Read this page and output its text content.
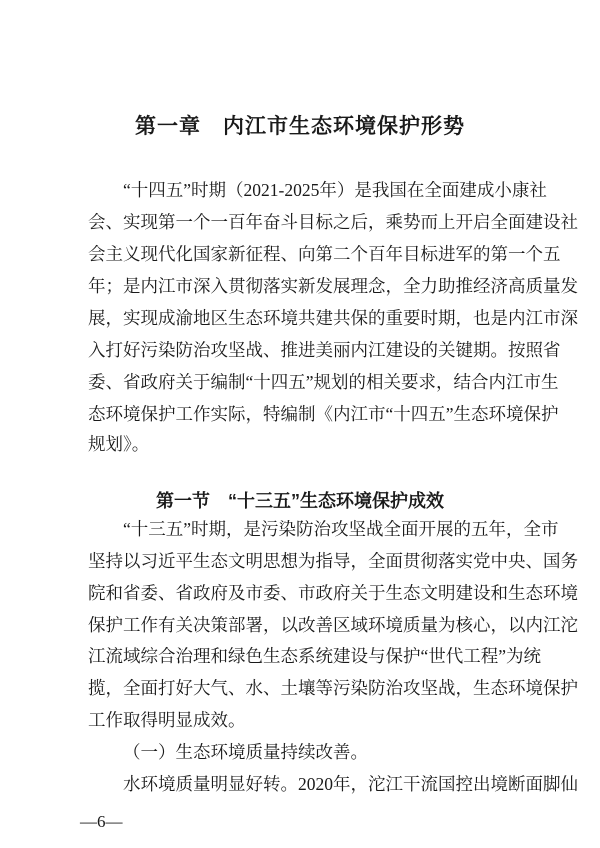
第一章　内江市生态环境保护形势
“十四五”时期（2021-2025年）是我国在全面建成小康社
会、实现第一个一百年奋斗目标之后，乘势而上开启全面建设社
会主义现代化国家新征程、向第二个百年目标进军的第一个五
年；是内江市深入贯彻落实新发展理念，全力助推经济高质量发
展，实现成渝地区生态环境共建共保的重要时期，也是内江市深
入打好污染防治攻坚战、推进美丽内江建设的关键期。按照省
委、省政府关于编制“十四五”规划的相关要求，结合内江市生
态环境保护工作实际，特编制《内江市“十四五”生态环境保护
规划》。
第一节　“十三五”生态环境保护成效
“十三五”时期，是污染防治攻坚战全面开展的五年，全市
坚持以习近平生态文明思想为指导，全面贯彻落实党中央、国务
院和省委、省政府及市委、市政府关于生态文明建设和生态环境
保护工作有关决策部署，以改善区域环境质量为核心，以内江沱
江流域综合治理和绿色生态系统建设与保护“世代工程”为统
揽，全面打好大气、水、土壤等污染防治攻坚战，生态环境保护
工作取得明显成效。
（一）生态环境质量持续改善。
水环境质量明显好转。2020年，沱江干流国控出境断面脚仙
—6—
